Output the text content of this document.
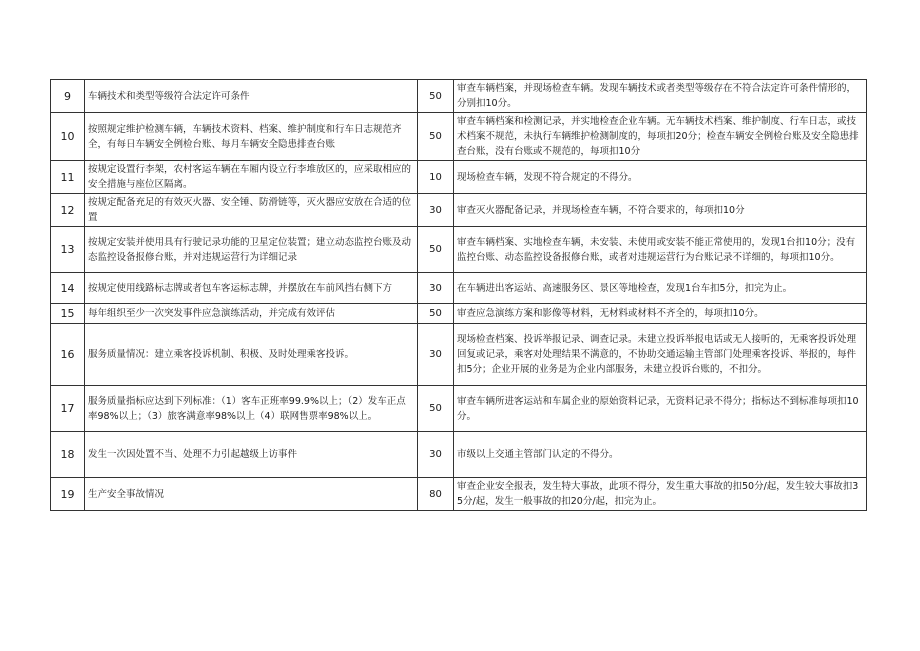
9	车辆技术和类型等级符合法定许可条件	50	审查车辆档案，并现场检查车辆。发现车辆技术或者类型等级存在不符合法定许可条件情形的，分别扣10分。
10	按照规定维护检测车辆，车辆技术资料、档案、维护制度和行车日志规范齐全，有每日车辆安全例检台账、每月车辆安全隐患排查台账	50	审查车辆档案和检测记录，并实地检查企业车辆。无车辆技术档案、维护制度、行车日志，或技术档案不规范，未执行车辆维护检测制度的，每项扣20分；检查车辆安全例检台账及安全隐患排查台账，没有台账或不规范的，每项扣10分
11	按规定设置行李架，农村客运车辆在车厢内设立行李堆放区的，应采取相应的安全措施与座位区隔离。	10	现场检查车辆，发现不符合规定的不得分。
12	按规定配备充足的有效灭火器、安全锤、防滑链等，灭火器应安放在合适的位置	30	审查灭火器配备记录，并现场检查车辆，不符合要求的，每项扣10分
13	按规定安装并使用具有行驶记录功能的卫星定位装置；建立动态监控台账及动态监控设备报修台账，并对违规运营行为详细记录	50	审查车辆档案、实地检查车辆，未安装、未使用或安装不能正常使用的，发现1台扣10分；没有监控台账、动态监控设备报修台账，或者对违规运营行为台账记录不详细的，每项扣10分。
14	按规定使用线路标志牌或者包车客运标志牌，并摆放在车前风挡右侧下方	30	在车辆进出客运站、高速服务区、景区等地检查，发现1台车扣5分，扣完为止。
15	每年组织至少一次突发事件应急演练活动，并完成有效评估	50	审查应急演练方案和影像等材料，无材料或材料不齐全的，每项扣10分。
16	服务质量情况：建立乘客投诉机制、积极、及时处理乘客投诉。	30	现场检查档案、投诉举报记录、调查记录。未建立投诉举报电话或无人接听的，无乘客投诉处理回复或记录，乘客对处理结果不满意的，不协助交通运输主管部门处理乘客投诉、举报的，每件扣5分；企业开展的业务是为企业内部服务，未建立投诉台账的，不扣分。
17	服务质量指标应达到下列标准：（1）客车正班率99.9%以上；（2）发车正点率98%以上；（3）旅客满意率98%以上（4）联网售票率98%以上。	50	审查车辆所进客运站和车属企业的原始资料记录，无资料记录不得分；指标达不到标准每项扣10分。
18	发生一次因处置不当、处理不力引起越级上访事件	30	市级以上交通主管部门认定的不得分。
19	生产安全事故情况	80	审查企业安全报表，发生特大事故，此项不得分，发生重大事故的扣50分/起，发生较大事故扣35分/起，发生一般事故的扣20分/起，扣完为止。
